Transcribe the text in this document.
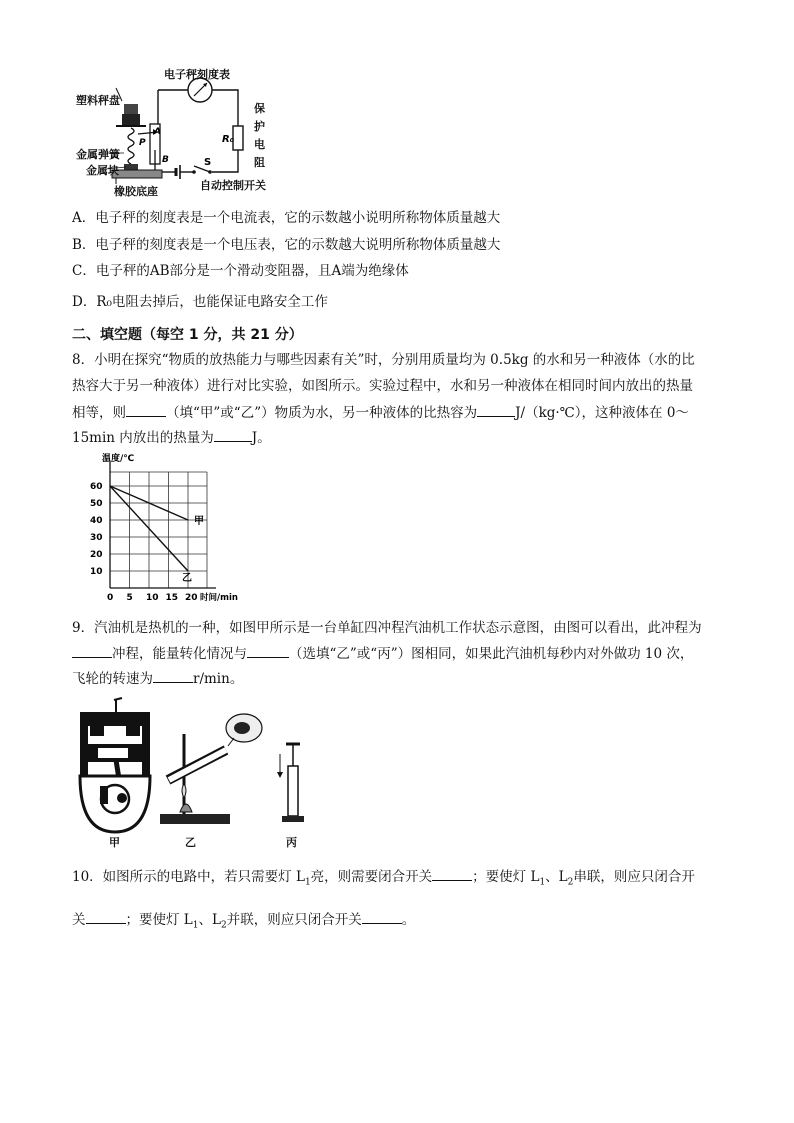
A
B
P
S
R₀
电子秤刻度表
塑料秤盘
金属弹簧
金属块
橡胶底座	自动控制开关
保
护
电
阻
A．电子秤的刻度表是一个电流表，它的示数越小说明所称物体质量越大
B．电子秤的刻度表是一个电压表，它的示数越大说明所称物体质量越大
C．电子秤的AB部分是一个滑动变阻器，且A端为绝缘体
D．R₀电阻去掉后，也能保证电路安全工作
二、填空题（每空 1 分，共 21 分）
8．小明在探究“物质的放热能力与哪些因素有关”时，分别用质量均为 0.5kg 的水和另一种液体（水的比
热容大于另一种液体）进行对比实验，如图所示。实验过程中，水和另一种液体在相同时间内放出的热量
相等，则	（填“甲”或“乙”）物质为水，另一种液体的比热容为	J/（kg·℃），这种液体在 0～
15min 内放出的热量为	J。
0 5 10 15 20
10
20
30
40
50
60
温度/℃
时间/min
甲
乙
9．汽油机是热机的一种，如图甲所示是一台单缸四冲程汽油机工作状态示意图，由图可以看出，此冲程为
冲程，能量转化情况与	（选填“乙”或“丙”）图相同，如果此汽油机每秒内对外做功 10 次，
飞轮的转速为	r/min。
甲	乙	丙
10．如图所示的电路中，若只需要灯 $L_1$亮，则需要闭合开关	；要使灯 $L_1$、$L_2$串联，则应只闭合开
关	；要使灯 $L_1$、$L_2$并联，则应只闭合开关	。
